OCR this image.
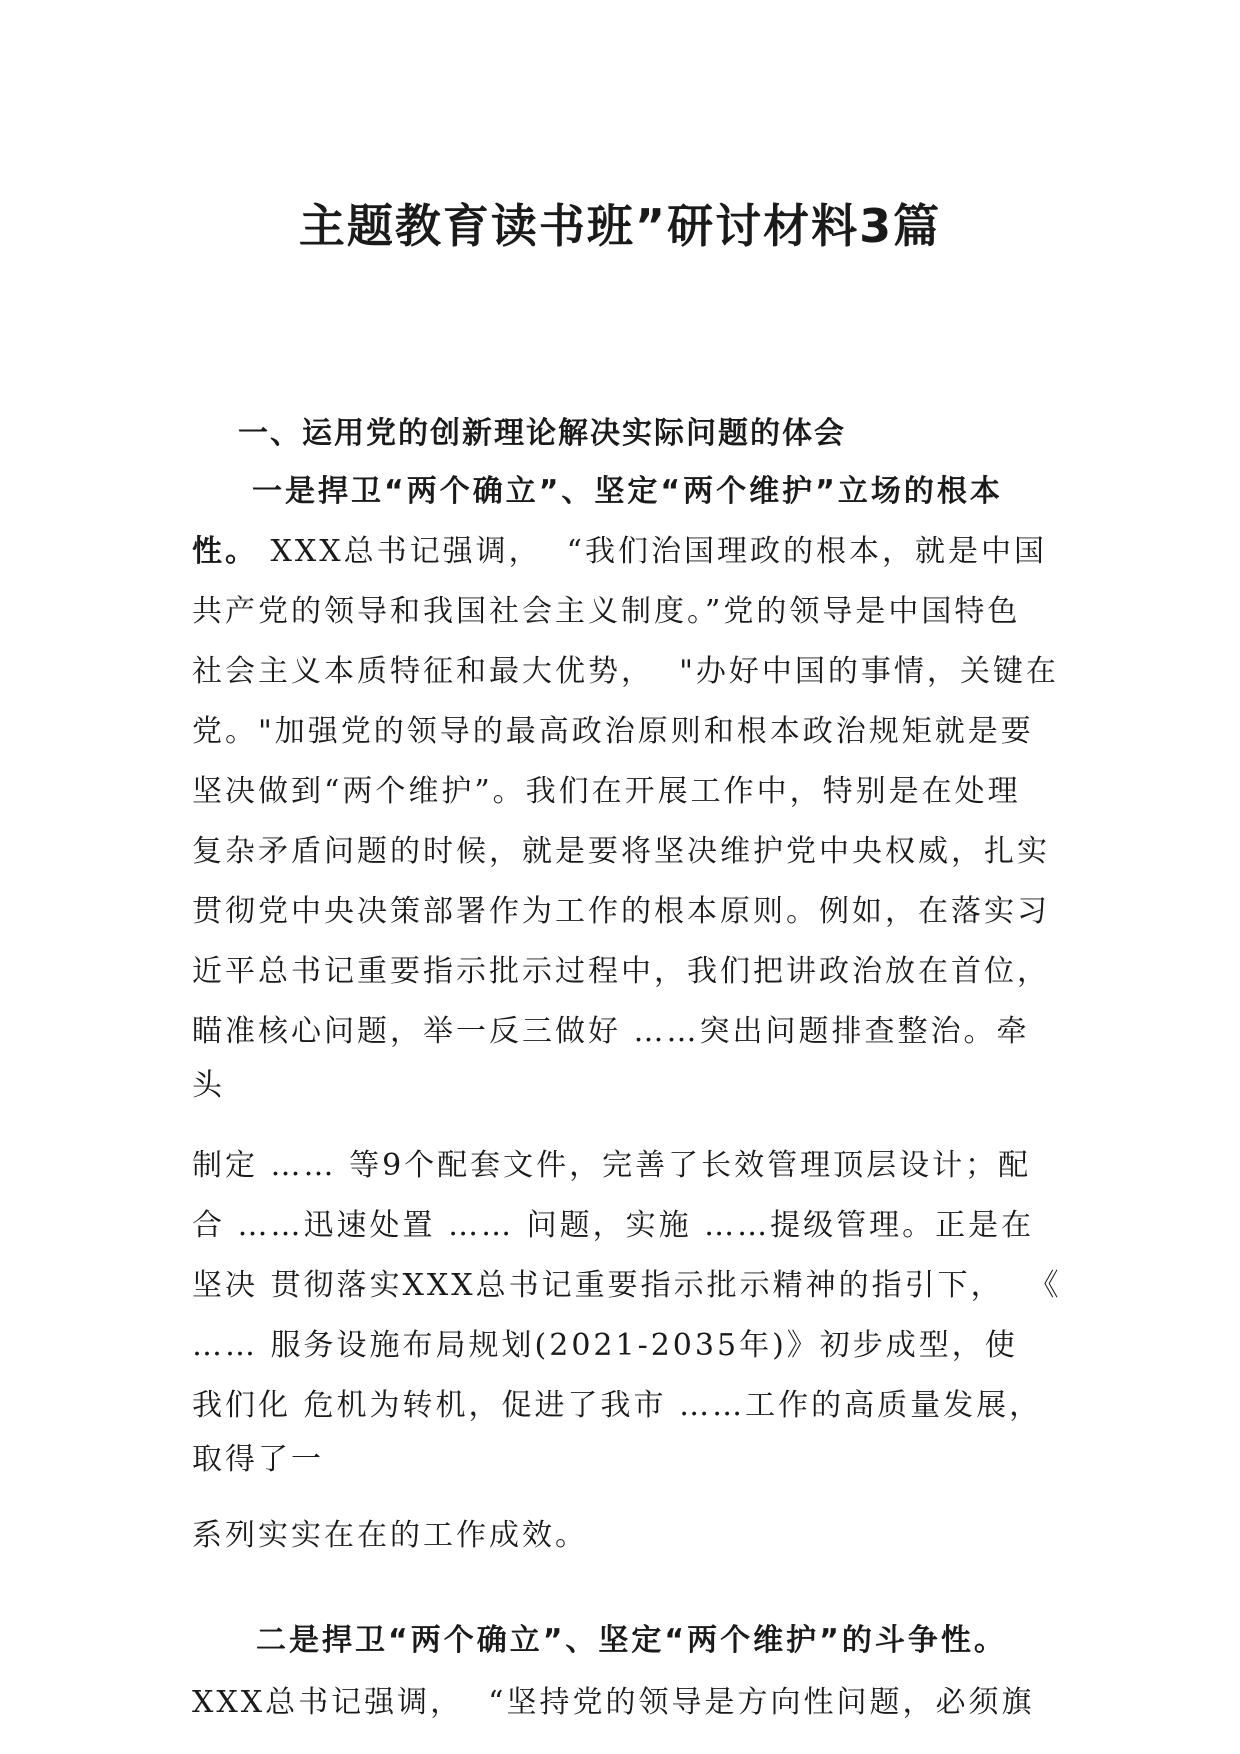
主题教育读书班”研讨材料3篇
一、运用党的创新理论解决实际问题的体会

一是捍卫“两个确立”、坚定“两个维护”立场的根本

性。 XXX总书记强调，  “我们治国理政的根本，就是中国

共产党的领导和我国社会主义制度。”党的领导是中国特色

社会主义本质特征和最大优势，  "办好中国的事情，关键在

党。"加强党的领导的最高政治原则和根本政治规矩就是要

坚决做到“两个维护”。我们在开展工作中，特别是在处理

复杂矛盾问题的时候，就是要将坚决维护党中央权威，扎实

贯彻党中央决策部署作为工作的根本原则。例如，在落实习

近平总书记重要指示批示过程中，我们把讲政治放在首位，

瞄准核心问题，举一反三做好 ……突出问题排查整治。牵

头

制定 …… 等9个配套文件，完善了长效管理顶层设计；配

合 ……迅速处置 …… 问题，实施 ……提级管理。正是在

坚决 贯彻落实XXX总书记重要指示批示精神的指引下，  《

…… 服务设施布局规划(2021-2035年)》初步成型，使

我们化 危机为转机，促进了我市 ……工作的高质量发展，

取得了一

系列实实在在的工作成效。

二是捍卫“两个确立”、坚定“两个维护”的斗争性。

XXX总书记强调，  “坚持党的领导是方向性问题，必须旗
